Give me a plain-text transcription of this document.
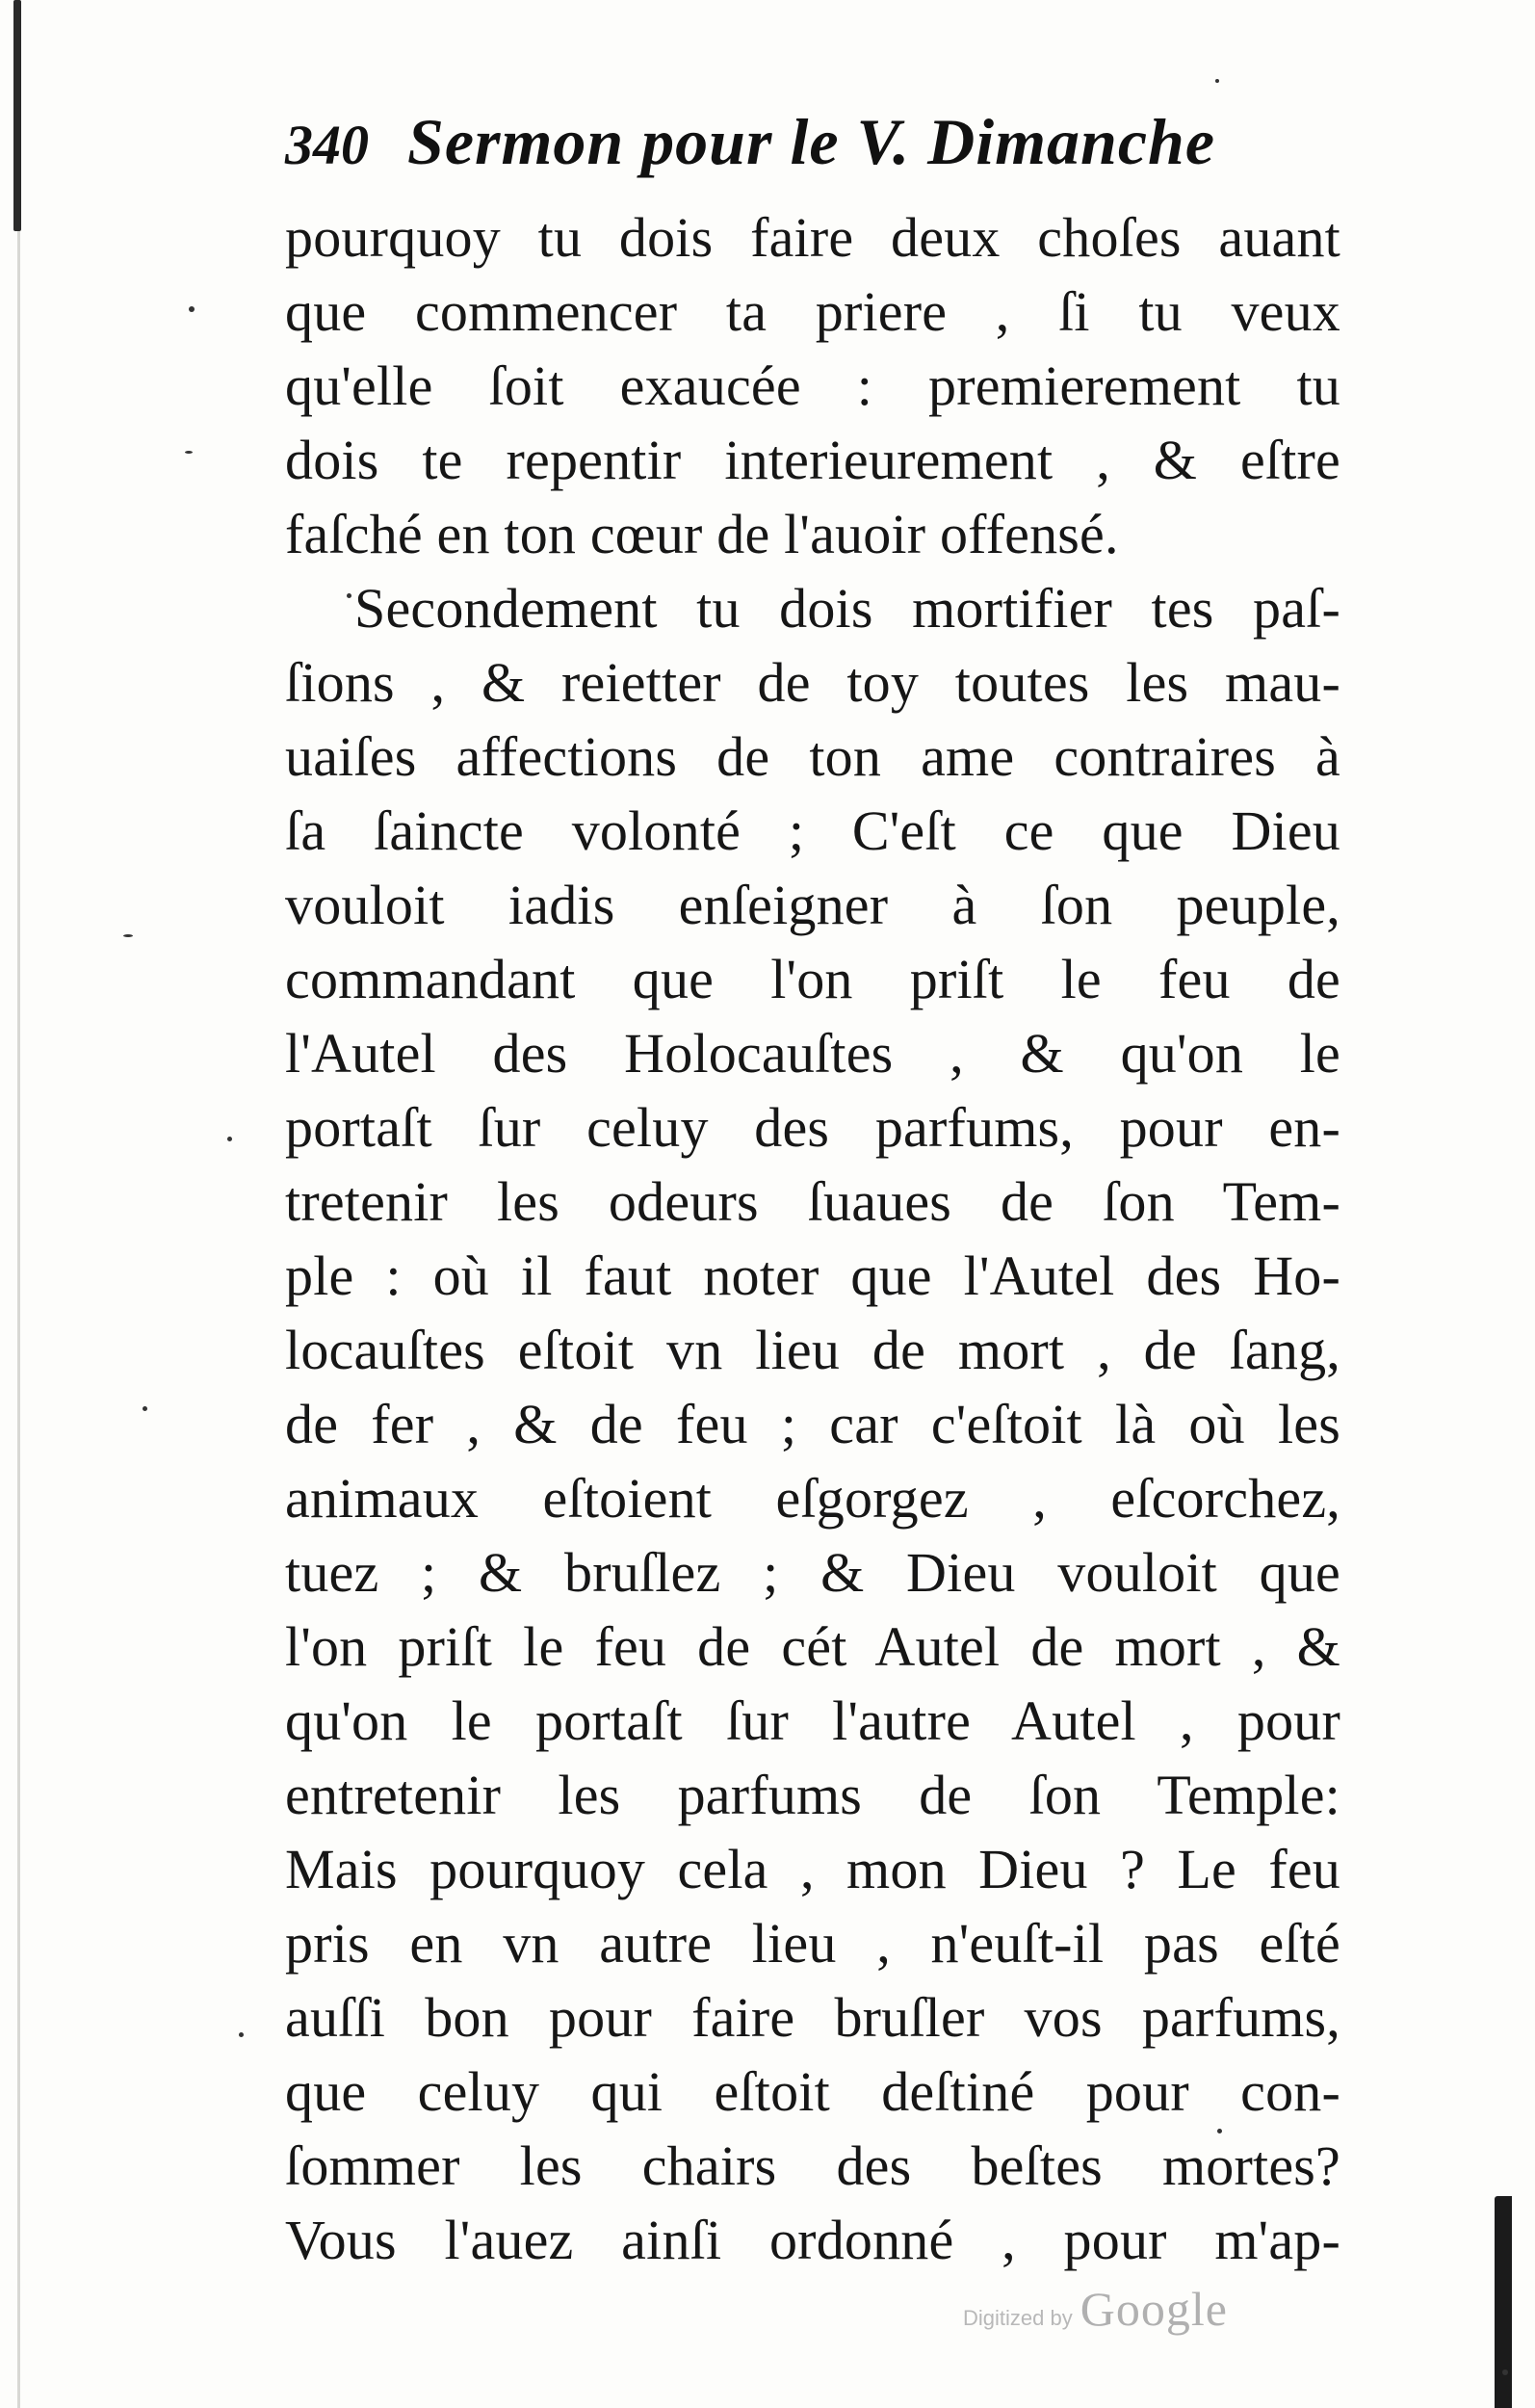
340 Sermon pour le V. Dimanche
pourquoy tu dois faire deux choſes auant
que commencer ta priere , ſi tu veux
qu'elle ſoit exaucée : premierement tu
dois te repentir interieurement , & eſtre
faſché en ton cœur de l'auoir offensé.
Secondement tu dois mortifier tes paſ-
ſions , & reietter de toy toutes les mau-
uaiſes affections de ton ame contraires à
ſa ſaincte volonté ; C'eſt ce que Dieu
vouloit iadis enſeigner à ſon peuple,
commandant que l'on priſt le feu de
l'Autel des Holocauſtes , & qu'on le
portaſt ſur celuy des parfums, pour en-
tretenir les odeurs ſuaues de ſon Tem-
ple : où il faut noter que l'Autel des Ho-
locauſtes eſtoit vn lieu de mort , de ſang,
de fer , & de feu ; car c'eſtoit là où les
animaux eſtoient eſgorgez , eſcorchez,
tuez ; & bruſlez ; & Dieu vouloit que
l'on priſt le feu de cét Autel de mort , &
qu'on le portaſt ſur l'autre Autel , pour
entretenir les parfums de ſon Temple:
Mais pourquoy cela , mon Dieu ? Le feu
pris en vn autre lieu , n'euſt-il pas eſté
auſſi bon pour faire bruſler vos parfums,
que celuy qui eſtoit deſtiné pour con-
ſommer les chairs des beſtes mortes?
Vous l'auez ainſi ordonné , pour m'ap-
Digitized by Google
